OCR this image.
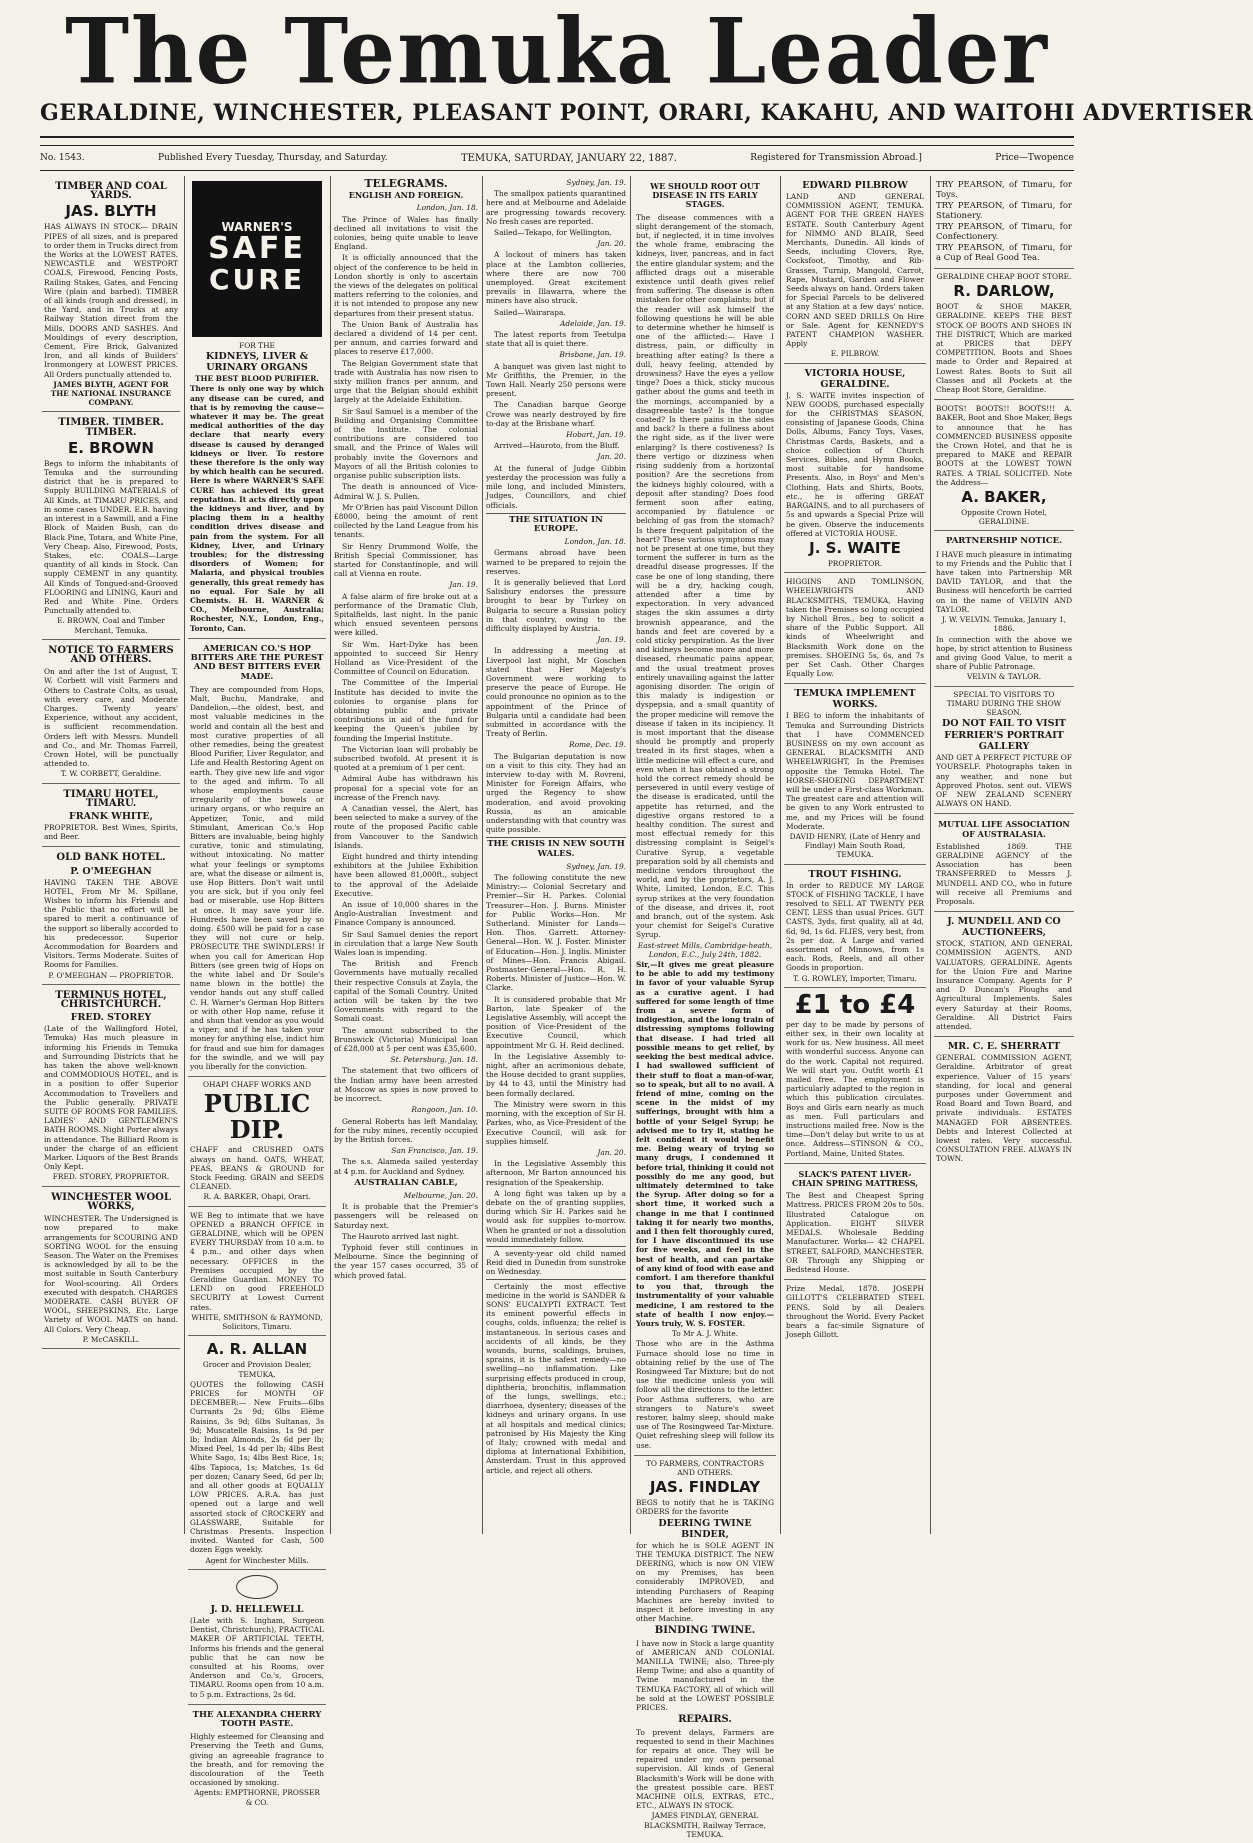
The Temuka Leader
GERALDINE, WINCHESTER, PLEASANT POINT, ORARI, KAKAHU, AND WAITOHI ADVERTISER
No. 1543.	Published Every Tuesday, Thursday, and Saturday.	TEMUKA, SATURDAY, JANUARY 22, 1887.	Registered for Transmission Abroad.]	Price—Twopence
TIMBER AND COAL YARDS.
JAS. BLYTH

HAS ALWAYS IN STOCK— DRAIN PIPES of all sizes, and is prepared to order them in Trucks direct from the Works at the LOWEST RATES. NEWCASTLE and WESTPORT COALS, Firewood, Fencing Posts, Railing Stakes, Gates, and Fencing Wire (plain and barbed). TIMBER of all kinds (rough and dressed), in the Yard, and in Trucks at any Railway Station direct from the Mills. DOORS AND SASHES. And Mouldings of every description, Cement, Fire Brick, Galvanized Iron, and all kinds of Builders' Ironmongery at LOWEST PRICES. All Orders punctually attended to.

JAMES BLYTH, AGENT FOR THE NATIONAL INSURANCE COMPANY.
TIMBER. TIMBER. TIMBER.
E. BROWN

Begs to inform the inhabitants of Temuka and the surrounding district that he is prepared to Supply BUILDING MATERIALS of All Kinds, at TIMARU PRICES, and in some cases UNDER. E.B. having an interest in a Sawmill, and a Fine Block of Maiden Bush, can do Black Pine, Totara, and White Pine, Very Cheap. Also, Firewood, Posts, Stakes, etc. COALS—Large quantity of all kinds in Stock. Can supply CEMENT in any quantity. All Kinds of Tongued-and-Grooved FLOORING and LINING, Kauri and Red and White Pine. Orders Punctually attended to.

E. BROWN, Coal and Timber Merchant, Temuka.
NOTICE TO FARMERS AND OTHERS.

On and after the 1st of August, T. W. Corbett will visit Farmers and Others to Castrate Colts, as usual, with every care, and Moderate Charges. Twenty years' Experience, without any accident, is sufficient recommendation. Orders left with Messrs. Mundell and Co., and Mr. Thomas Farrell, Crown Hotel, will be punctually attended to.

T. W. CORBETT, Geraldine.
TIMARU HOTEL, TIMARU.
FRANK WHITE,

PROPRIETOR. Best Wines, Spirits, and Beer.

OLD BANK HOTEL.
P. O'MEEGHAN

HAVING TAKEN THE ABOVE HOTEL, From Mr M. Spillane, Wishes to inform his Friends and the Public that no effort will be spared to merit a continuance of the support so liberally accorded to his predecessor. Superior Accommodation for Boarders and Visitors. Terms Moderate. Suites of Rooms for Families.

P. O'MEEGHAN — PROPRIETOR.
TERMINUS HOTEL, CHRISTCHURCH.
FRED. STOREY

(Late of the Wallingford Hotel, Temuka) Has much pleasure in informing his Friends in Temuka and Surrounding Districts that he has taken the above well-known and COMMODIOUS HOTEL, and is in a position to offer Superior Accommodation to Travellers and the Public generally. PRIVATE SUITE OF ROOMS FOR FAMILIES. LADIES' AND GENTLEMEN'S BATH ROOMS. Night Porter always in attendance. The Billiard Room is under the charge of an efficient Marker. Liquors of the Best Brands Only Kept.

FRED. STOREY, PROPRIETOR.
WINCHESTER WOOL WORKS,

WINCHESTER. The Undersigned is now prepared to make arrangements for SCOURING AND SORTING WOOL for the ensuing Season. The Water on the Premises is acknowledged by all to be the most suitable in South Canterbury for Wool-scouring. All Orders executed with despatch. CHARGES MODERATE. CASH BUYER OF WOOL, SHEEPSKINS, Etc. Large Variety of WOOL MATS on hand. All Colors. Very Cheap.

P. McCASKILL.
WARNER'S
SAFE
CURE
FOR THE
KIDNEYS, LIVER & URINARY ORGANS
THE BEST BLOOD PURIFIER.

There is only one way by which any disease can be cured, and that is by removing the cause—whatever it may be. The great medical authorities of the day declare that nearly every disease is caused by deranged kidneys or liver. To restore these therefore is the only way by which health can be secured. Here is where WARNER'S SAFE CURE has achieved its great reputation. It acts directly upon the kidneys and liver, and by placing them in a healthy condition drives disease and pain from the system. For all Kidney, Liver, and Urinary troubles; for the distressing disorders of Women; for Malaria, and physical troubles generally, this great remedy has no equal. For Sale by all Chemists. H. H. WARNER & CO., Melbourne, Australia; Rochester, N.Y., London, Eng., Toronto, Can.

AMERICAN CO.'S HOP BITTERS ARE THE PUREST AND BEST BITTERS EVER MADE.

They are compounded from Hops, Malt, Buchu, Mandrake, and Dandelion,—the oldest, best, and most valuable medicines in the world and contain all the best and most curative properties of all other remedies, being the greatest Blood Purifier, Liver Regulator, and Life and Health Restoring Agent on earth. They give new life and vigor to the aged and infirm. To all whose employments cause irregularity of the bowels or urinary organs, or who require an Appetizer, Tonic, and mild Stimulant, American Co.'s Hop Bitters are invaluable, being highly curative, tonic and stimulating, without intoxicating. No matter what your feelings or symptoms are, what the disease or ailment is, use Hop Bitters. Don't wait until you are sick, but if you only feel bad or miserable, use Hop Bitters at once. It may save your life. Hundreds have been saved by so doing. £500 will be paid for a case they will not cure or help. PROSECUTE THE SWINDLERS! If when you call for American Hop Bitters (see green twig of Hops on the white label and Dr Soule's name blown in the bottle) the vendor hands out any stuff called C. H. Warner's German Hop Bitters or with other Hop name, refuse it and shun that vendor as you would a viper; and if he has taken your money for anything else, indict him for fraud and sue him for damages for the swindle, and we will pay you liberally for the conviction.

OHAPI CHAFF WORKS AND
PUBLIC DIP.

CHAFF and CRUSHED OATS always on hand. OATS, WHEAT, PEAS, BEANS & GROUND for Stock Feeding. GRAIN and SEEDS CLEANED.

R. A. BARKER, Ohapi, Orari.

WE Beg to intimate that we have OPENED a BRANCH OFFICE in GERALDINE, which will be OPEN EVERY THURSDAY from 10 a.m. to 4 p.m., and other days when necessary. OFFICES in the Premises occupied by the Geraldine Guardian. MONEY TO LEND on good FREEHOLD SECURITY at Lowest Current rates.

WHITE, SMITHSON & RAYMOND, Solicitors, Timaru.
A. R. ALLAN
Grocer and Provision Dealer, TEMUKA,

QUOTES the following CASH PRICES for MONTH OF DECEMBER:— New Fruits—6lbs Currants 2s 9d; 6lbs Elème Raisins, 3s 9d; 6lbs Sultanas, 3s 9d; Muscatelle Raisins, 1s 9d per lb; Indian Almonds, 2s 6d per lb; Mixed Peel, 1s 4d per lb; 4lbs Best White Sago, 1s; 4lbs Best Rice, 1s; 4lbs Tapioca, 1s; Matches, 1s 6d per dozen; Canary Seed, 6d per lb; and all other goods at EQUALLY LOW PRICES. A.R.A. has just opened out a large and well assorted stock of CROCKERY and GLASSWARE, Suitable for Christmas Presents. Inspection invited. Wanted for Cash, 500 dozen Eggs weekly.

Agent for Winchester Mills.
J. D. HELLEWELL

(Late with S. Ingham, Surgeon Dentist, Christchurch), PRACTICAL MAKER OF ARTIFICIAL TEETH, Informs his friends and the general public that he can now be consulted at his Rooms, over Anderson and Co.'s, Grocers, TIMARU. Rooms open from 10 a.m. to 5 p.m. Extractions, 2s 6d.

THE ALEXANDRA CHERRY TOOTH PASTE.

Highly esteemed for Cleansing and Preserving the Teeth and Gums, giving an agreeable fragrance to the breath, and for removing the discolouration of the Teeth occasioned by smoking.

Agents: EMPTHORNE, PROSSER & CO.
TELEGRAMS.
ENGLISH AND FOREIGN.
London, Jan. 18.

The Prince of Wales has finally declined all invitations to visit the colonies, being quite unable to leave England.

It is officially announced that the object of the conference to be held in London shortly is only to ascertain the views of the delegates on political matters referring to the colonies, and it is not intended to propose any new departures from their present status.

The Union Bank of Australia has declared a dividend of 14 per cent. per annum, and carries forward and places to reserve £17,000.

The Belgian Government state that trade with Australia has now risen to sixty million francs per annum, and urge that the Belgian should exhibit largely at the Adelaide Exhibition.

Sir Saul Samuel is a member of the Building and Organising Committee of the Institute. The colonial contributions are considered too small, and the Prince of Wales will probably invite the Governors and Mayors of all the British colonies to organise public subscription lists.

The death is announced of Vice-Admiral W. J. S. Pullen.

Mr O'Brien has paid Viscount Dillon £8000, being the amount of rent collected by the Land League from his tenants.

Sir Henry Drummond Wolfe, the British Special Commissioner, has started for Constantinople, and will call at Vienna en route.

Jan. 19.

A false alarm of fire broke out at a performance of the Dramatic Club, Spitalfields, last night. In the panic which ensued seventeen persons were killed.

Sir Wm. Hart-Dyke has been appointed to succeed Sir Henry Holland as Vice-President of the Committee of Council on Education.

The Committee of the Imperial Institute has decided to invite the colonies to organise plans for obtaining public and private contributions in aid of the fund for keeping the Queen's jubilee by founding the Imperial Institute.

The Victorian loan will probably be subscribed twofold. At present it is quoted at a premium of 1 per cent.

Admiral Aube has withdrawn his proposal for a special vote for an increase of the French navy.

A Canadian vessel, the Alert, has been selected to make a survey of the route of the proposed Pacific cable from Vancouver to the Sandwich Islands.

Eight hundred and thirty intending exhibitors at the Jubilee Exhibition have been allowed 81,000ft., subject to the approval of the Adelaide Executive.

An issue of 10,000 shares in the Anglo-Australian Investment and Finance Company is announced.

Sir Saul Samuel denies the report in circulation that a large New South Wales loan is impending.

The British and French Governments have mutually recalled their respective Consuls at Zayla, the capital of the Somali Country. United action will be taken by the two Governments with regard to the Somali coast.

The amount subscribed to the Brunswick (Victoria) Municipal loan of £28,000 at 5 per cent was £35,600.

St. Petersburg, Jan. 18.

The statement that two officers of the Indian army have been arrested at Moscow as spies is now proved to be incorrect.

Rangoon, Jan. 10.

General Roberts has left Mandalay, for the ruby mines, recently occupied by the British forces.

San Francisco, Jan. 19.

The s.s. Alameda sailed yesterday at 4 p.m. for Auckland and Sydney.

AUSTRALIAN CABLE,
Melbourne, Jan. 20.

It is probable that the Premier's passengers will be released on Saturday next.

The Hauroto arrived last night.

Typhoid fever still continues in Melbourne. Since the beginning of the year 157 cases occurred, 35 of which proved fatal.

Sydney, Jan. 19.

The smallpox patients quarantined here and at Melbourne and Adelaide are progressing towards recovery. No fresh cases are reported.

Sailed—Tekapo, for Wellington.

Jan. 20.

A lockout of miners has taken place at the Lambton collieries, where there are now 700 unemployed. Great excitement prevails in Illawarra, where the miners have also struck.

Sailed—Wairarapa.

Adelaide, Jan. 19.

The latest reports from Teetulpa state that all is quiet there.

Brisbane, Jan. 19.

A banquet was given last night to Mr Griffiths, the Premier, in the Town Hall. Nearly 250 persons were present.

The Canadian barque George Crowe was nearly destroyed by fire to-day at the Brisbane wharf.

Hobart, Jan. 19.

Arrived—Hauroto, from the Bluff.

Jan. 20.

At the funeral of Judge Gibbin yesterday the procession was fully a mile long, and included Ministers, Judges, Councillors, and chief officials.

THE SITUATION IN EUROPE.
London, Jan. 18.

Germans abroad have been warned to be prepared to rejoin the reserves.

It is generally believed that Lord Salisbury endorses the pressure brought to bear by Turkey on Bulgaria to secure a Russian policy in that country, owing to the difficulty displayed by Austria.

Jan. 19.

In addressing a meeting at Liverpool last night, Mr Goschen stated that Her Majesty's Government were working to preserve the peace of Europe. He could pronounce no opinion as to the appointment of the Prince of Bulgaria until a candidate had been submitted in accordance with the Treaty of Berlin.

Rome, Dec. 19.

The Bulgarian deputation is now on a visit to this city. They had an interview to-day with M. Rovreni, Minister for Foreign Affairs, who urged the Regency to show moderation, and avoid provoking Russia, as an amicable understanding with that country was quite possible.

THE CRISIS IN NEW SOUTH WALES.
Sydney, Jan. 19.

The following constitute the new Ministry:— Colonial Secretary and Premier—Sir H. Parkes. Colonial Treasurer—Hon. J. Burns. Minister for Public Works—Hon. Mr Sutherland. Minister for Lands—Hon. Thos. Garrett. Attorney-General—Hon. W. J. Foster. Minister of Education—Hon. J. Inglis. Minister of Mines—Hon. Francis Abigail. Postmaster-General—Hon. R. H. Roberts. Minister of Justice—Hon. W. Clarke.

It is considered probable that Mr Barton, late Speaker of the Legislative Assembly, will accept the position of Vice-President of the Executive Council, which appointment Mr G. H. Reid declined.

In the Legislative Assembly to-night, after an acrimonious debate, the House decided to grant supplies, by 44 to 43, until the Ministry had been formally declared.

The Ministry were sworn in this morning, with the exception of Sir H. Parkes, who, as Vice-President of the Executive Council, will ask for supplies himself.

Jan. 20.

In the Legislative Assembly this afternoon, Mr Barton announced his resignation of the Speakership.

A long fight was taken up by a debate on the of granting supplies, during which Sir H. Parkes said he would ask for supplies to-morrow. When he granted or not a dissolution would immediately follow.

A seventy-year old child named Reid died in Dunedin from sunstroke on Wednesday.

Certainly the most effective medicine in the world is SANDER & SONS' EUCALYPTI EXTRACT. Test its eminent powerful effects in coughs, colds, influenza; the relief is instantaneous. In serious cases and accidents of all kinds, be they wounds, burns, scaldings, bruises, sprains, it is the safest remedy—no swelling—no inflammation. Like surprising effects produced in croup, diphtheria, bronchitis, inflammation of the lungs, swellings, etc.; diarrhoea, dysentery; diseases of the kidneys and urinary organs. In use at all hospitals and medical clinics; patronised by His Majesty the King of Italy; crowned with medal and diploma at International Exhibition, Amsterdam. Trust in this approved article, and reject all others.

WE SHOULD ROOT OUT DISEASE IN ITS EARLY STAGES.

The disease commences with a slight derangement of the stomach, but, if neglected, it in time involves the whole frame, embracing the kidneys, liver, pancreas, and in fact the entire glandular system; and the afflicted drags out a miserable existence until death gives relief from suffering. The disease is often mistaken for other complaints; but if the reader will ask himself the following questions he will be able to determine whether he himself is one of the afflicted:— Have I distress, pain, or difficulty in breathing after eating? Is there a dull, heavy feeling, attended by drowsiness? Have the eyes a yellow tinge? Does a thick, sticky mucous gather about the gums and teeth in the mornings, accompanied by a disagreeable taste? Is the tongue coated? Is there pains in the sides and back? Is there a fullness about the right side, as if the liver were enlarging? Is there costiveness? Is there vertigo or dizziness when rising suddenly from a horizontal position? Are the secretions from the kidneys highly coloured, with a deposit after standing? Does food ferment soon after eating, accompanied by flatulence or belching of gas from the stomach? Is there frequent palpitation of the heart? These various symptoms may not be present at one time, but they torment the sufferer in turn as the dreadful disease progresses. If the case be one of long standing, there will be a dry, hacking cough, attended after a time by expectoration. In very advanced stages the skin assumes a dirty brownish appearance, and the hands and feet are covered by a cold sticky perspiration. As the liver and kidneys become more and more diseased, rheumatic pains appear, and the usual treatment proves entirely unavailing against the latter agonising disorder. The origin of this malady is indigestion or dyspepsia, and a small quantity of the proper medicine will remove the disease if taken in its incipiency. It is most important that the disease should be promptly and properly treated in its first stages, when a little medicine will effect a cure, and even when it has obtained a strong hold the correct remedy should be persevered in until every vestige of the disease is eradicated, until the appetite has returned, and the digestive organs restored to a healthy condition. The surest and most effectual remedy for this distressing complaint is Seigel's Curative Syrup, a vegetable preparation sold by all chemists and medicine vendors throughout the world, and by the proprietors, A. J. White, Limited, London, E.C. This syrup strikes at the very foundation of the disease, and drives it, root and branch, out of the system. Ask your chemist for Seigel's Curative Syrup.

East-street Mills, Cambridge-heath, London, E.C., July 24th, 1882.

Sir,—It gives me great pleasure to be able to add my testimony in favor of your valuable Syrup as a curative agent. I had suffered for some length of time from a severe form of indigestion, and the long train of distressing symptoms following that disease. I had tried all possible means to get relief, by seeking the best medical advice. I had swallowed sufficient of their stuff to float a man-of-war, so to speak, but all to no avail. A friend of mine, coming on the scene in the midst of my sufferings, brought with him a bottle of your Seigel Syrup; he advised me to try it, stating he felt confident it would benefit me. Being weary of trying so many drugs, I condemned it before trial, thinking it could not possibly do me any good, but ultimately determined to take the Syrup. After doing so for a short time, it worked such a change in me that I continued taking it for nearly two months, and I then felt thoroughly cured, for I have discontinued its use for five weeks, and feel in the best of health, and can partake of any kind of food with ease and comfort. I am therefore thankful to you that, through the instrumentality of your valuable medicine, I am restored to the state of health I now enjoy.—Yours truly, W. S. FOSTER.

To Mr A. J. White.

Those who are in the Asthma Furnace should lose no time in obtaining relief by the use of The Rosingweed Tar Mixture; but do not use the medicine unless you will follow all the directions to the letter. Poor Asthma sufferers, who are strangers to Nature's sweet restorer, balmy sleep, should make use of The Rosingweed Tar-Mixture. Quiet refreshing sleep will follow its use.

TO FARMERS, CONTRACTORS AND OTHERS.
JAS. FINDLAY

BEGS to notify that he is TAKING ORDERS for the favorite

DEERING TWINE BINDER,

for which he is SOLE AGENT IN THE TEMUKA DISTRICT. The NEW DEERING, which is now ON VIEW on my Premises, has been considerably IMPROVED, and intending Purchasers of Reaping Machines are hereby invited to inspect it before investing in any other Machine.

BINDING TWINE.

I have now in Stock a large quantity of AMERICAN AND COLONIAL MANILLA TWINE; also, Three-ply Hemp Twine; and also a quantity of Twine manufactured in the TEMUKA FACTORY, all of which will be sold at the LOWEST POSSIBLE PRICES.

REPAIRS.

To prevent delays, Farmers are requested to send in their Machines for repairs at once. They will be repaired under my own personal supervision. All kinds of General Blacksmith's Work will be done with the greatest possible care. BEST MACHINE OILS, EXTRAS, ETC., ETC., ALWAYS IN STOCK.

JAMES FINDLAY, GENERAL BLACKSMITH, Railway Terrace, TEMUKA.
EDWARD PILBROW

LAND AND GENERAL COMMISSION AGENT, TEMUKA. AGENT FOR THE GREEN HAYES ESTATE. South Canterbury Agent for NIMMO AND BLAIR, Seed Merchants, Dunedin. All kinds of Seeds, including Clovers, Rye, Cocksfoot, Timothy, and Rib-Grasses, Turnip, Mangold, Carrot, Rape, Mustard, Garden and Flower Seeds always on hand. Orders taken for Special Parcels to be delivered at any Station at a few days' notice. CORN AND SEED DRILLS On Hire or Sale. Agent for KENNEDY'S PATENT CHAMPION WASHER. Apply

E. PILBROW.
VICTORIA HOUSE, GERALDINE.

J. S. WAITE invites inspection of NEW GOODS, purchased especially for the CHRISTMAS SEASON, consisting of Japanese Goods, China Dolls, Albums, Fancy Toys, Vases, Christmas Cards, Baskets, and a choice collection of Church Services, Bibles, and Hymn Books, most suitable for handsome Presents. Also, in Boys' and Men's Clothing, Hats and Shirts, Boots, etc., he is offering GREAT BARGAINS, and to all purchasers of 5s and upwards a Special Prize will be given. Observe the inducements offered at VICTORIA HOUSE.

J. S. WAITE
PROPRIETOR.

HIGGINS AND TOMLINSON, WHEELWRIGHTS AND BLACKSMITHS, TEMUKA, Having taken the Premises so long occupied by Nicholl Bros., beg to solicit a share of the Public Support. All kinds of Wheelwright and Blacksmith Work done on the premises. SHOEING 5s, 6s, and 7s per Set Cash. Other Charges Equally Low.

TEMUKA IMPLEMENT WORKS.

I BEG to inform the inhabitants of Temuka and Surrounding Districts that I have COMMENCED BUSINESS on my own account as GENERAL BLACKSMITH AND WHEELWRIGHT, In the Premises opposite the Temuka Hotel. The HORSE-SHOEING DEPARTMENT will be under a First-class Workman. The greatest care and attention will be given to any Work entrusted to me, and my Prices will be found Moderate.

DAVID HENRY, (Late of Henry and Findlay) Main South Road, TEMUKA.
TROUT FISHING.

In order to REDUCE MY LARGE STOCK of FISHING TACKLE, I have resolved to SELL AT TWENTY PER CENT. LESS than usual Prices. GUT CASTS, 3yds, first quality, all at 4d, 6d, 9d, 1s 6d. FLIES, very best, from 2s per doz. A Large and varied assortment of Minnows, from 1s each. Rods, Reels, and all other Goods in proportion.

T. G. ROWLEY, Importer, Timaru.
£1 to £4

per day to be made by persons of either sex, in their own locality at work for us. New business. All meet with wonderful success. Anyone can do the work. Capital not required. We will start you. Outfit worth £1 mailed free. The employment is particularly adapted to the region in which this publication circulates. Boys and Girls earn nearly as much as men. Full particulars and instructions mailed free. Now is the time—Don't delay but write to us at once. Address—STINSON & CO., Portland, Maine, United States.

SLACK'S PATENT LIVER-CHAIN SPRING MATTRESS,

The Best and Cheapest Spring Mattress. PRICES FROM 20s to 50s. Illustrated Catalogue on Application. EIGHT SILVER MEDALS. Wholesale Bedding Manufacturer. Works— 42 CHAPEL STREET, SALFORD, MANCHESTER. OR Through any Shipping or Bedstead House.

Prize Medal, 1878. JOSEPH GILLOTT'S CELEBRATED STEEL PENS. Sold by all Dealers throughout the World. Every Packet bears a fac-simile Signature of Joseph Gillott.

TRY PEARSON, of Timaru, for Toys.

TRY PEARSON, of Timaru, for Stationery.

TRY PEARSON, of Timaru, for Confectionery.

TRY PEARSON, of Timaru, for a Cup of Real Good Tea.

GERALDINE CHEAP BOOT STORE.
R. DARLOW,

BOOT & SHOE MAKER, GERALDINE. KEEPS THE BEST STOCK OF BOOTS AND SHOES IN THE DISTRICT, Which are marked at PRICES that DEFY COMPETITION. Boots and Shoes made to Order and Repaired at Lowest Rates. Boots to Suit all Classes and all Pockets at the Cheap Boot Store, Geraldine.

BOOTS! BOOTS!! BOOTS!!! A. BAKER, Boot and Shoe Maker, Begs to announce that he has COMMENCED BUSINESS opposite the Crown Hotel, and that he is prepared to MAKE and REPAIR BOOTS at the LOWEST TOWN RATES. A TRIAL SOLICITED. Note the Address—

A. BAKER,
Opposite Crown Hotel, GERALDINE.
PARTNERSHIP NOTICE.

I HAVE much pleasure in intimating to my Friends and the Public that I have taken into Partnership MR DAVID TAYLOR, and that the Business will henceforth be carried on in the name of VELVIN AND TAYLOR.

J. W. VELVIN. Temuka, January 1, 1886.

In connection with the above we hope, by strict attention to Business and giving Good Value, to merit a share of Public Patronage.

VELVIN & TAYLOR.
SPECIAL TO VISITORS TO TIMARU DURING THE SHOW SEASON.
DO NOT FAIL TO VISIT
FERRIER'S PORTRAIT GALLERY

AND GET A PERFECT PICTURE OF YOURSELF. Photographs taken in any weather, and none but Approved Photos. sent out. VIEWS OF NEW ZEALAND SCENERY ALWAYS ON HAND.

MUTUAL LIFE ASSOCIATION OF AUSTRALASIA.

Established 1869. THE GERALDINE AGENCY of the Association has been TRANSFERRED to Messrs J. MUNDELL AND CO., who in future will receive all Premiums and Proposals.

J. MUNDELL AND CO AUCTIONEERS,

STOCK, STATION, AND GENERAL COMMISSION AGENTS, AND VALUATORS, GERALDINE. Agents for the Union Fire and Marine Insurance Company. Agents for P and D Duncan's Ploughs and Agricultural Implements. Sales every Saturday at their Rooms, Geraldine. All District Fairs attended.

MR. C. E. SHERRATT

GENERAL COMMISSION AGENT, Geraldine. Arbitrator of great experience. Valuer of 15 years' standing, for local and general purposes under Government and Road Board and Town Board, and private individuals. ESTATES MANAGED FOR ABSENTEES. Debts and Interest Collected at lowest rates. Very successful. CONSULTATION FREE. ALWAYS IN TOWN.
